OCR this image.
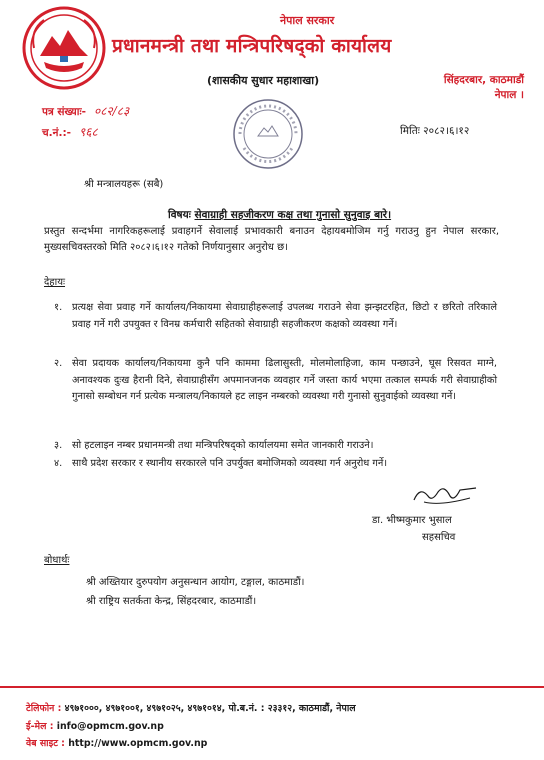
नेपाल सरकार
प्रधानमन्त्री तथा मन्त्रिपरिषद्को कार्यालय
(शासकीय सुधार महाशाखा)	सिंहदरबार, काठमाडौं
नेपाल ।
पत्र संख्याः- ०८२/८३
च.नं.:- ९६८	मितिः २०८२।६।१२
श्री मन्त्रालयहरू (सबै)
विषयः सेवाग्राही सहजीकरण कक्ष तथा गुनासो सुनुवाइ बारे।
प्रस्तुत सन्दर्भमा नागरिकहरूलाई प्रवाहगर्ने सेवालाई प्रभावकारी बनाउन देहायबमोजिम गर्नु गराउनु हुन नेपाल सरकार, मुख्यसचिवस्तरको मिति २०८२।६।१२ गतेको निर्णयानुसार अनुरोध छ।
देहायः
१. प्रत्यक्ष सेवा प्रवाह गर्ने कार्यालय/निकायमा सेवाग्राहीहरूलाई उपलब्ध गराउने सेवा झन्झटरहित, छिटो र छरितो तरिकाले प्रवाह गर्ने गरी उपयुक्त र विनम्र कर्मचारी सहितको सेवाग्राही सहजीकरण कक्षको व्यवस्था गर्ने।
२. सेवा प्रदायक कार्यालय/निकायमा कुनै पनि काममा ढिलासुस्ती, मोलमोलाहिजा, काम पन्छाउने, घूस रिसवत माग्ने, अनावश्यक दुःख हैरानी दिने, सेवाग्राहीसँग अपमानजनक व्यवहार गर्ने जस्ता कार्य भएमा तत्काल सम्पर्क गरी सेवाग्राहीको गुनासो सम्बोधन गर्न प्रत्येक मन्त्रालय/निकायले हट लाइन नम्बरको व्यवस्था गरी गुनासो सुनुवाईको व्यवस्था गर्ने।
३. सो हटलाइन नम्बर प्रधानमन्त्री तथा मन्त्रिपरिषद्को कार्यालयमा समेत जानकारी गराउने।
४. साथै प्रदेश सरकार र स्थानीय सरकारले पनि उपर्युक्त बमोजिमको व्यवस्था गर्न अनुरोध गर्ने।
डा. भीष्मकुमार भुसाल
सहसचिव
बोधार्थः
श्री अख्तियार दुरुपयोग अनुसन्धान आयोग, टङ्गाल, काठमाडौं।
श्री राष्ट्रिय सतर्कता केन्द्र, सिंहदरबार, काठमाडौं।
टेलिफोन : ४९७१०००, ४९७१००१, ४९७१०२५, ४९७१०१४, पो.ब.नं. : २३३१२, काठमाडौं, नेपाल
ई-मेल : info@opmcm.gov.np
वेब साइट : http://www.opmcm.gov.np
